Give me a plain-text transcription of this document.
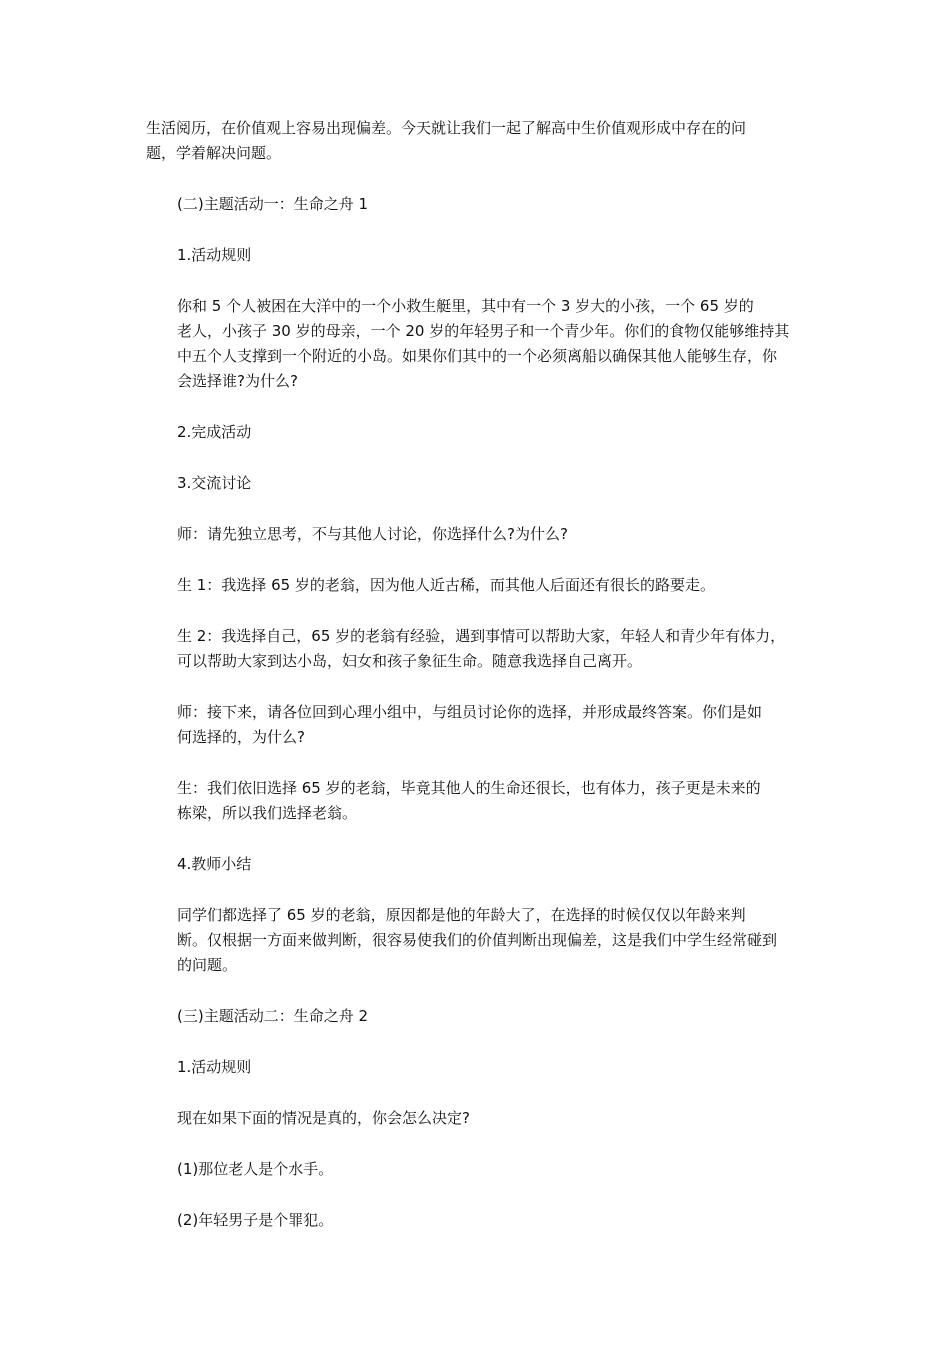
生活阅历，在价值观上容易出现偏差。今天就让我们一起了解高中生价值观形成中存在的问
题，学着解决问题。

(二)主题活动一：生命之舟 1

1.活动规则

你和 5 个人被困在大洋中的一个小救生艇里，其中有一个 3 岁大的小孩，一个 65 岁的
老人，小孩子 30 岁的母亲，一个 20 岁的年轻男子和一个青少年。你们的食物仅能够维持其
中五个人支撑到一个附近的小岛。如果你们其中的一个必须离船以确保其他人能够生存，你
会选择谁?为什么?

2.完成活动

3.交流讨论

师：请先独立思考，不与其他人讨论，你选择什么?为什么?

生 1：我选择 65 岁的老翁，因为他人近古稀，而其他人后面还有很长的路要走。

生 2：我选择自己，65 岁的老翁有经验，遇到事情可以帮助大家，年轻人和青少年有体力，
可以帮助大家到达小岛，妇女和孩子象征生命。随意我选择自己离开。

师：接下来，请各位回到心理小组中，与组员讨论你的选择，并形成最终答案。你们是如
何选择的，为什么?

生：我们依旧选择 65 岁的老翁，毕竟其他人的生命还很长，也有体力，孩子更是未来的
栋梁，所以我们选择老翁。

4.教师小结

同学们都选择了 65 岁的老翁，原因都是他的年龄大了，在选择的时候仅仅以年龄来判
断。仅根据一方面来做判断，很容易使我们的价值判断出现偏差，这是我们中学生经常碰到
的问题。

(三)主题活动二：生命之舟 2

1.活动规则

现在如果下面的情况是真的，你会怎么决定?

(1)那位老人是个水手。

(2)年轻男子是个罪犯。
